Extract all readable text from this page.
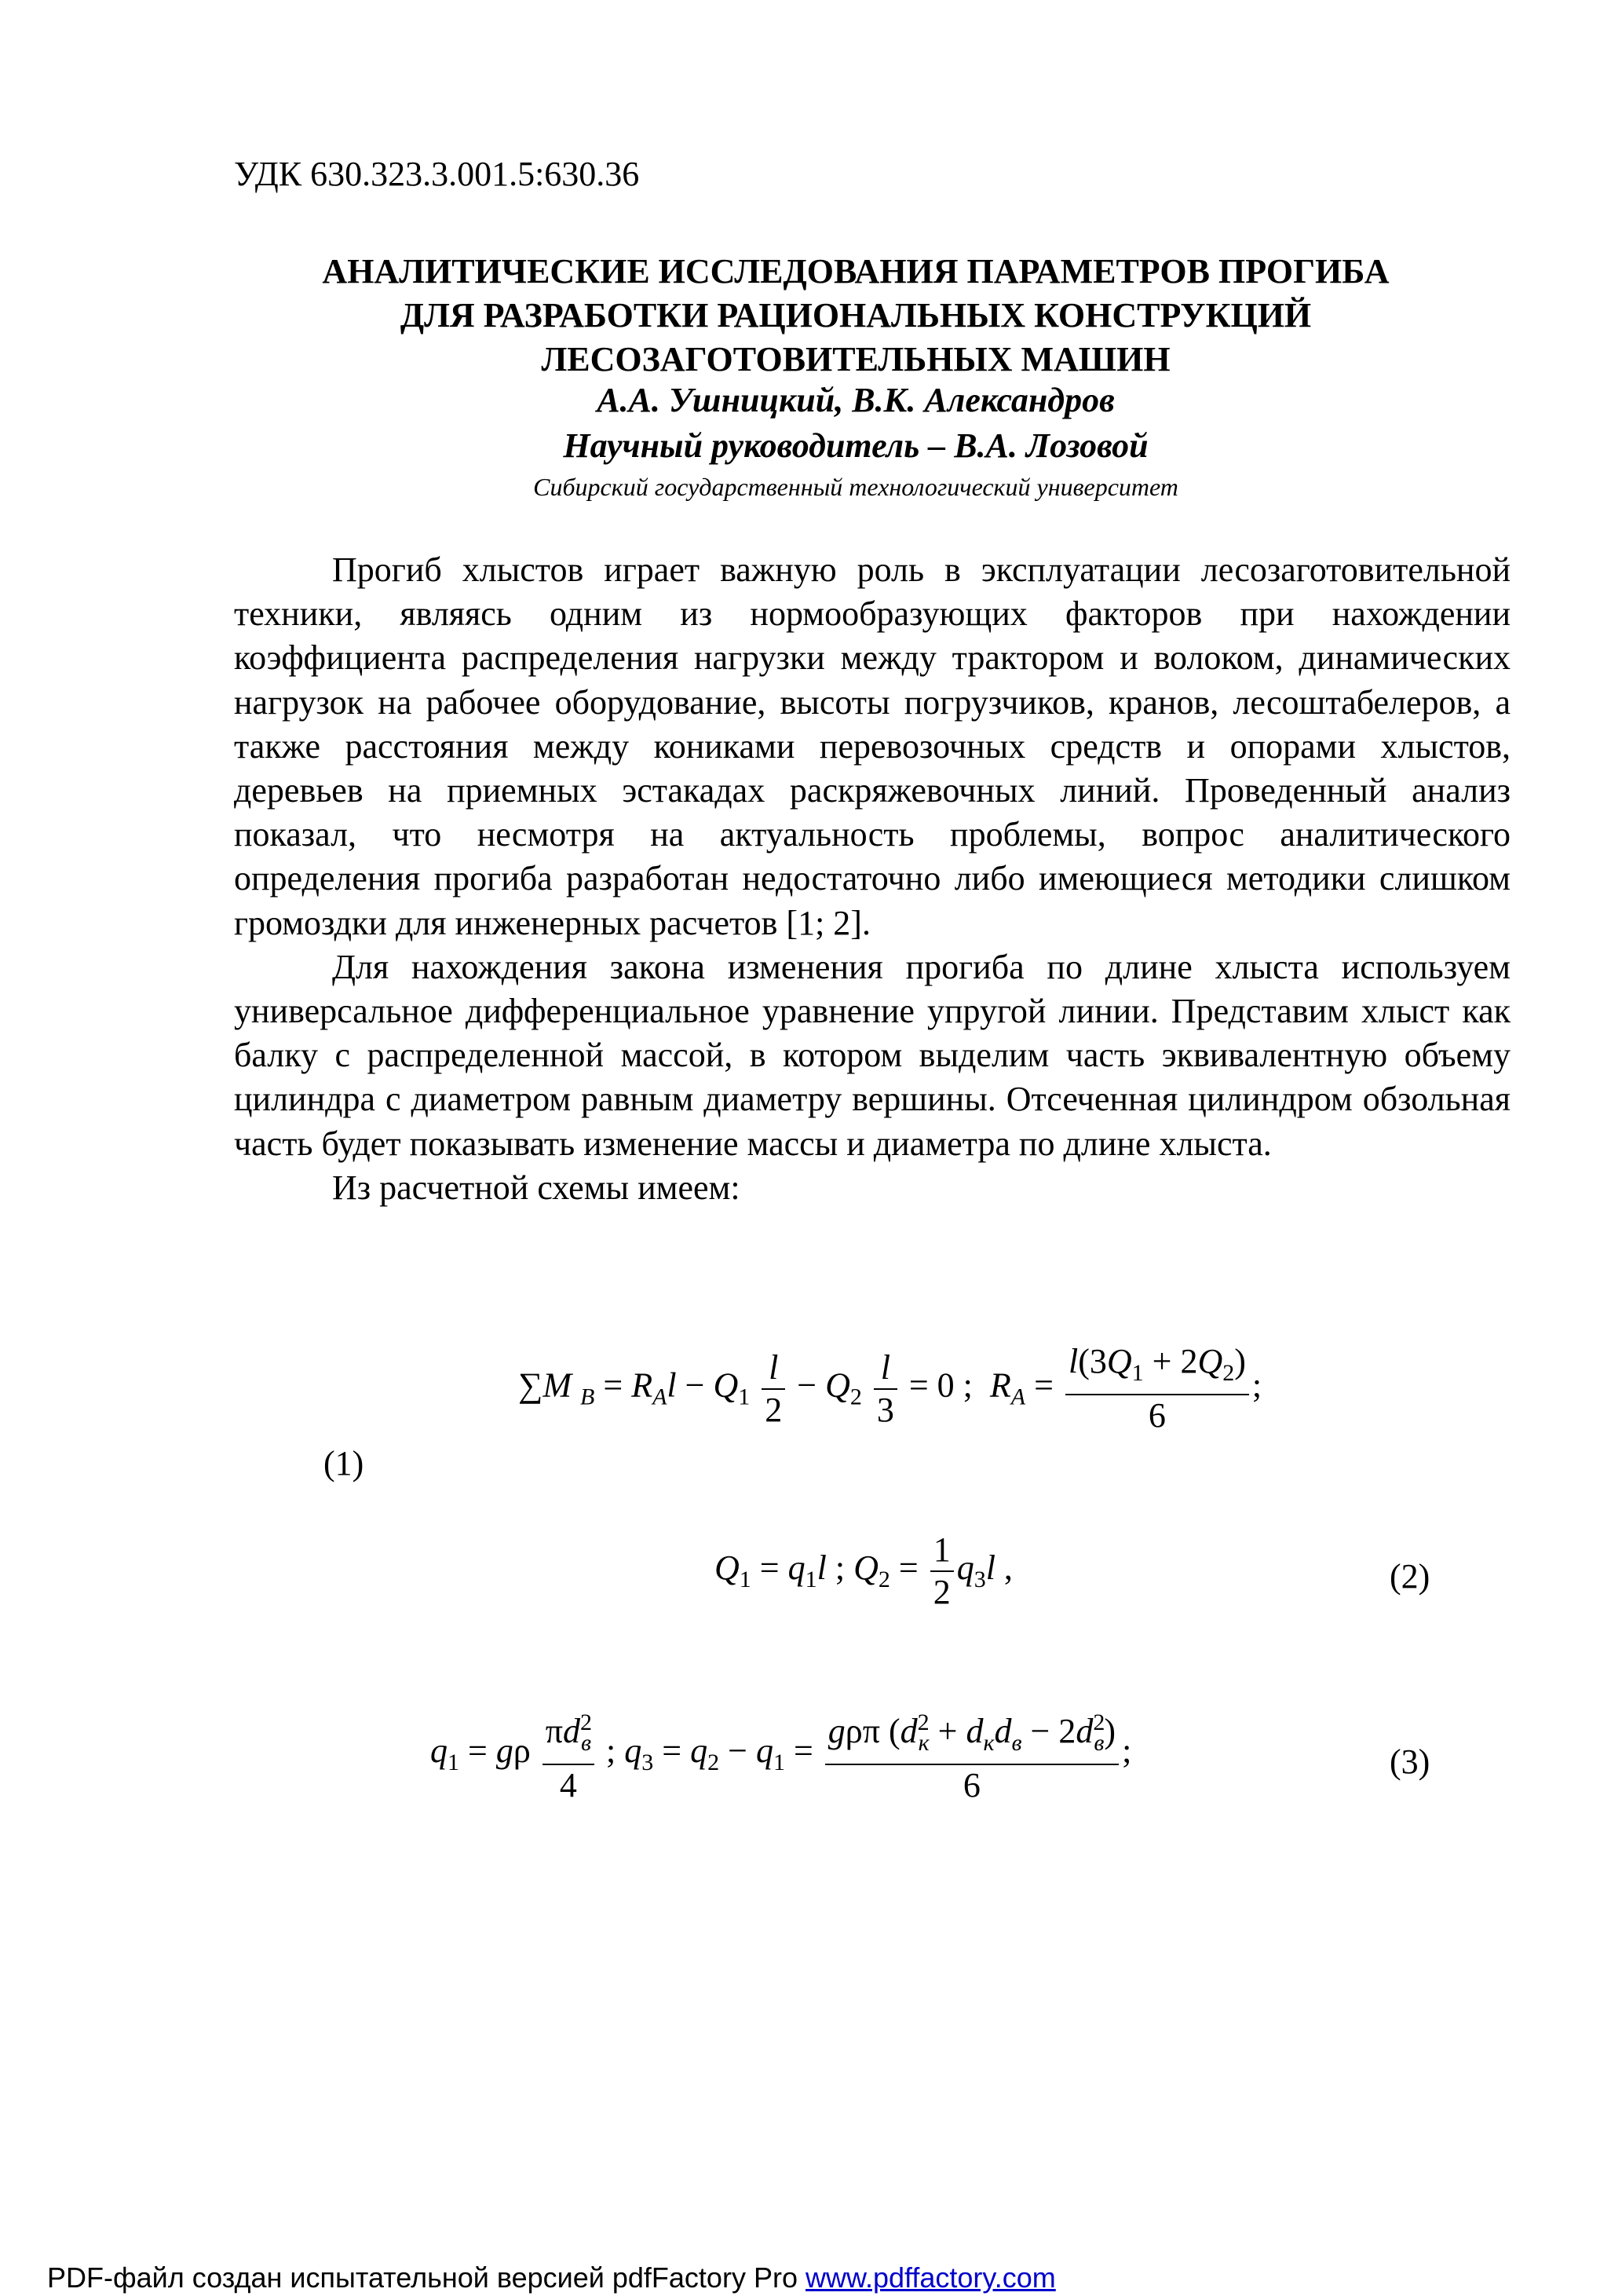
УДК 630.323.3.001.5:630.36
АНАЛИТИЧЕСКИЕ ИССЛЕДОВАНИЯ ПАРАМЕТРОВ ПРОГИБА
ДЛЯ РАЗРАБОТКИ РАЦИОНАЛЬНЫХ КОНСТРУКЦИЙ
ЛЕСОЗАГОТОВИТЕЛЬНЫХ МАШИН
А.А. Ушницкий, В.К. Александров
Научный руководитель – В.А. Лозовой
Сибирский государственный технологический университет

Прогиб хлыстов играет важную роль в эксплуатации лесозаготовительной техники, являясь одним из нормообразующих факторов при нахождении коэффициента распределения нагрузки между трактором и волоком, динамических нагрузок на рабочее оборудование, высоты погрузчиков, кранов, лесоштабелеров, а также расстояния между кониками перевозочных средств и опорами хлыстов, деревьев на приемных эстакадах раскряжевочных линий. Проведенный анализ показал, что несмотря на актуальность проблемы, вопрос аналитического определения прогиба разработан недостаточно либо имеющиеся методики слишком громоздки для инженерных расчетов [1; 2].

Для нахождения закона изменения прогиба по длине хлыста используем универсальное дифференциальное уравнение упругой линии. Представим хлыст как балку с распределенной массой, в котором выделим часть эквивалентную объему цилиндра с диаметром равным диаметру вершины. Отсеченная цилиндром обзольная часть будет показывать изменение массы и диаметра по длине хлыста.

Из расчетной схемы имеем:

∑M $_B = R_Al - Q_1 \frac{l}{2} - Q_2 \frac{l}{3} = 0$ ;  $R_A = \frac{l(3Q_1 + 2Q_2)}{6}$ ;
(1)
$Q_1 = q_1l$ ; $Q_2 = \frac{1}{2} q_3l$ ,	(2)
$q_1 = g\rho \frac{\pi d^2_в}{4}$ ; $q_3 = q_2 - q_1 = \frac{g\rho\pi (d^2_к + d_кd_в - 2d^2_в)}{6}$ ;	(3)
PDF-файл создан испытательной версией pdfFactory Pro www.pdffactory.com
